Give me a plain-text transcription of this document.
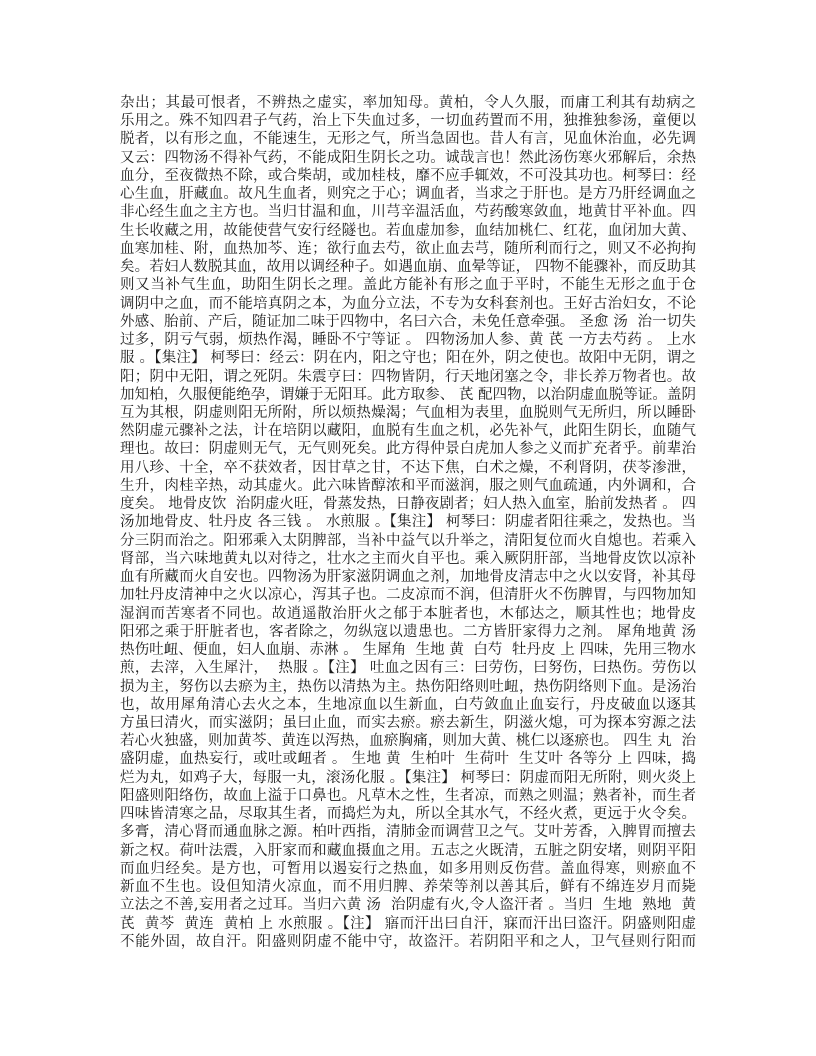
杂出；其最可恨者，不辨热之虚实，率加知母。黄柏，令人久服，而庸工利其有劫病之
乐用之。殊不知四君子气药，治上下失血过多，一切血药置而不用，独推独参汤，童便以
脱者，以有形之血，不能速生，无形之气，所当急固也。昔人有言，见血休治血，必先调
又云：四物汤不得补气药，不能成阳生阴长之功。诚哉言也！然此汤伤寒火邪解后，余热
血分，至夜微热不除，或合柴胡，或加桂枝，靡不应手辄效，不可没其功也。柯琴曰：经
心生血，肝藏血。故凡生血者，则究之于心；调血者，当求之于肝也。是方乃肝经调血之
非心经生血之主方也。当归甘温和血，川芎辛温活血，芍药酸寒敛血，地黄甘平补血。四
生长收藏之用，故能使营气安行经隧也。若血虚加参，血结加桃仁、红花，血闭加大黄、
血寒加桂、附，血热加芩、连；欲行血去芍，欲止血去芎，随所利而行之，则又不必拘拘
矣。若妇人数脱其血，故用以调经种子。如遇血崩、血晕等证， 四物不能骤补，而反助其
则又当补气生血，助阳生阴长之理。盖此方能补有形之血于平时，不能生无形之血于仓
调阴中之血，而不能培真阴之本，为血分立法，不专为女科套剂也。王好古治妇女，不论
外感、胎前、产后，随证加二味于四物中，名曰六合，未免任意牵强。 圣愈 汤  治一切失
过多，阴亏气弱，烦热作渴，睡卧不宁等证 。 四物汤加人参、黄 芪 一方去芍药 。 上水
服 。【集注】 柯琴曰：经云：阴在内，阳之守也；阳在外，阴之使也。故阳中无阴，谓之
阳；阴中无阳，谓之死阴。朱震亨曰：四物皆阴，行天地闭塞之令，非长养万物者也。故
加知柏，久服便能绝孕，谓嫌于无阳耳。此方取参、 芪 配四物，以治阴虚血脱等证。盖阴
互为其根，阴虚则阳无所附，所以烦热燥渴；气血相为表里，血脱则气无所归，所以睡卧
然阴虚元骤补之法，计在培阴以藏阳，血脱有生血之机，必先补气，此阳生阴长，血随气
理也。故曰：阴虚则无气，无气则死矣。此方得仲景白虎加人参之义而扩充者乎。前辈治
用八珍、十全，卒不获效者，因甘草之甘，不达下焦，白术之燥，不利肾阴，茯苓渗泄，
生升，肉桂辛热，动其虚火。此六味皆醇浓和平而滋润，服之则气血疏通，内外调和，合
度矣。 地骨皮饮  治阴虚火旺，骨蒸发热，日静夜剧者；妇人热入血室，胎前发热者 。 四
汤加地骨皮、牡丹皮 各三钱 。 水煎服 。【集注】 柯琴曰：阴虚者阳往乘之，发热也。当
分三阴而治之。阳邪乘入太阴脾部，当补中益气以升举之，清阳复位而火自熄也。若乘入
肾部，当六味地黄丸以对待之，壮水之主而火自平也。乘入厥阴肝部，当地骨皮饮以凉补
血有所藏而火自安也。四物汤为肝家滋阴调血之剂，加地骨皮清志中之火以安肾，补其母
加牡丹皮清神中之火以凉心，泻其子也。二皮凉而不润，但清肝火不伤脾胃，与四物加知
湿润而苦寒者不同也。故逍遥散治肝火之郁于本脏者也，木郁达之，顺其性也；地骨皮
阳邪之乘于肝脏者也，客者除之，勿纵寇以遗患也。二方皆肝家得力之剂。 犀角地黄 汤
热伤吐衄、便血，妇人血崩、赤淋 。 生犀角  生地 黄  白芍  牡丹皮 上 四味，先用三物水
煎，去滓，入生犀汁，  热服 。【注】 吐血之因有三：曰劳伤，曰努伤，曰热伤。劳伤以
损为主，努伤以去瘀为主，热伤以清热为主。热伤阳络则吐衄，热伤阴络则下血。是汤治
也，故用犀角清心去火之本，生地凉血以生新血，白芍敛血止血妄行，丹皮破血以逐其
方虽曰清火，而实滋阴；虽曰止血，而实去瘀。瘀去新生，阴滋火熄，可为探本穷源之法
若心火独盛，则加黄芩、黄连以泻热，血瘀胸痛，则加大黄、桃仁以逐瘀也。 四生 丸  治
盛阴虚，血热妄行，或吐或衄者 。 生地 黄  生柏叶  生荷叶  生艾叶 各等分 上 四味，捣
烂为丸，如鸡子大，每服一丸，滚汤化服 。【集注】 柯琴曰：阴虚而阳无所附，则火炎上
阳盛则阳络伤，故血上溢于口鼻也。凡草木之性，生者凉，而熟之则温；熟者补，而生者
四味皆清寒之品，尽取其生者，而捣烂为丸，所以全其水气，不经火煮，更远于火令矣。
多膏，清心肾而通血脉之源。柏叶西指，清肺金而调营卫之气。艾叶芳香，入脾胃而擅去
新之权。荷叶法震，入肝家而和藏血摄血之用。五志之火既清，五脏之阴安堵，则阴平阳
而血归经矣。是方也，可暂用以遏妄行之热血，如多用则反伤营。盖血得寒，则瘀血不
新血不生也。设但知清火凉血，而不用归脾、养荣等剂以善其后，鲜有不绵连岁月而毙
立法之不善,妄用者之过耳。当归六黄 汤  治阴虚有火,令人盗汗者 。当归  生地  熟地  黄
芪  黄芩  黄连  黄柏 上 水煎服 。【注】 寤而汗出曰自汗，寐而汗出曰盗汗。阴盛则阳虚
不能外固，故自汗。阳盛则阴虚不能中守，故盗汗。若阴阳平和之人，卫气昼则行阳而
